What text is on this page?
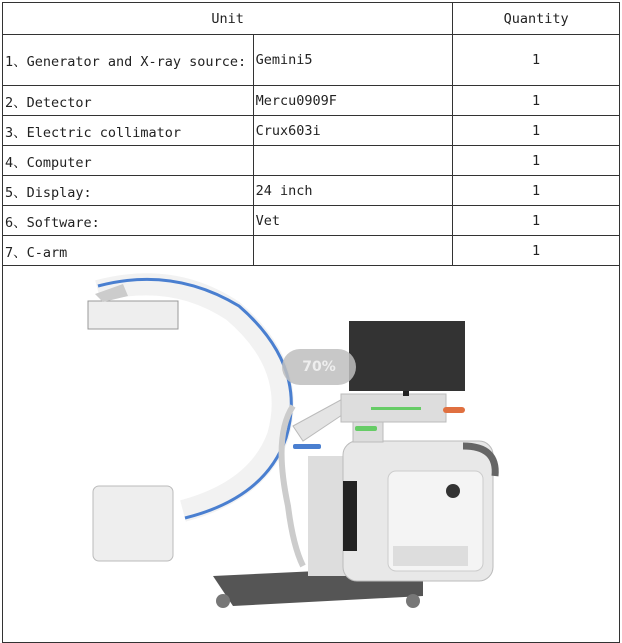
Unit		Quantity
1、Generator and X-ray source:	Gemini5	1
2、Detector	Mercu0909F	1
3、Electric collimator	Crux603i	1
4、Computer		1
5、Display:	24 inch	1
6、Software:	Vet	1
7、C-arm		1

70%		
